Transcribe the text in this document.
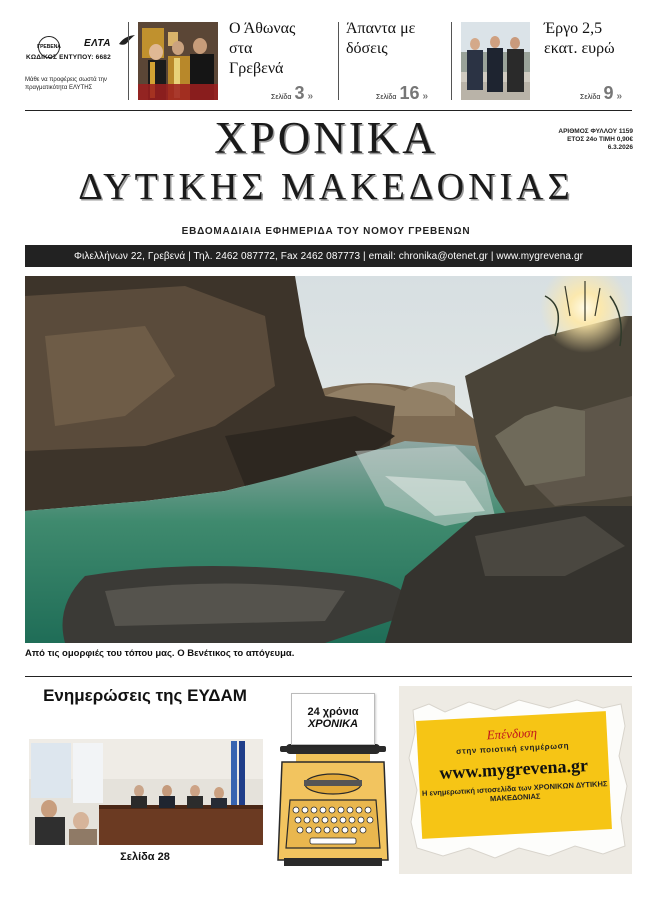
ΓΡΕΒΕΝΑ ΕΛΤΑ
ΚΩΔΙΚΟΣ ΕΝΤΥΠΟΥ: 6682
Μάθε να προφέρεις σωστά την πραγματικότητα ΕΛΥΤΗΣ
Ο Άθωνας στα Γρεβενά
Σελίδα 3 »
Άπαντα με δόσεις
Σελίδα 16 »
Έργο 2,5 εκατ. ευρώ
Σελίδα 9 »
ΧΡΟΝΙΚΑ
ΔΥΤΙΚΗΣ ΜΑΚΕΔΟΝΙΑΣ
ΑΡΙΘΜΟΣ ΦΥΛΛΟΥ 1159
ΕΤΟΣ 24ο ΤΙΜΗ 0,90€
6.3.2026
ΕΒΔΟΜΑΔΙΑΙΑ ΕΦΗΜΕΡΙΔΑ ΤΟΥ ΝΟΜΟΥ ΓΡΕΒΕΝΩΝ
Φιλελλήνων 22, Γρεβενά | Τηλ. 2462 087772, Fax 2462 087773 | email: chronika@otenet.gr | www.mygrevena.gr
Από τις ομορφιές του τόπου μας. Ο Βενέτικος το απόγευμα.
Ενημερώσεις της ΕΥΔΑΜ
Σελίδα 28
24 χρόνια
ΧΡΟΝΙΚΑ
Επένδυση
στην ποιοτική ενημέρωση
www.mygrevena.gr
Η ενημερωτική ιστοσελίδα των ΧΡΟΝΙΚΩΝ ΔΥΤΙΚΗΣ ΜΑΚΕΔΟΝΙΑΣ
